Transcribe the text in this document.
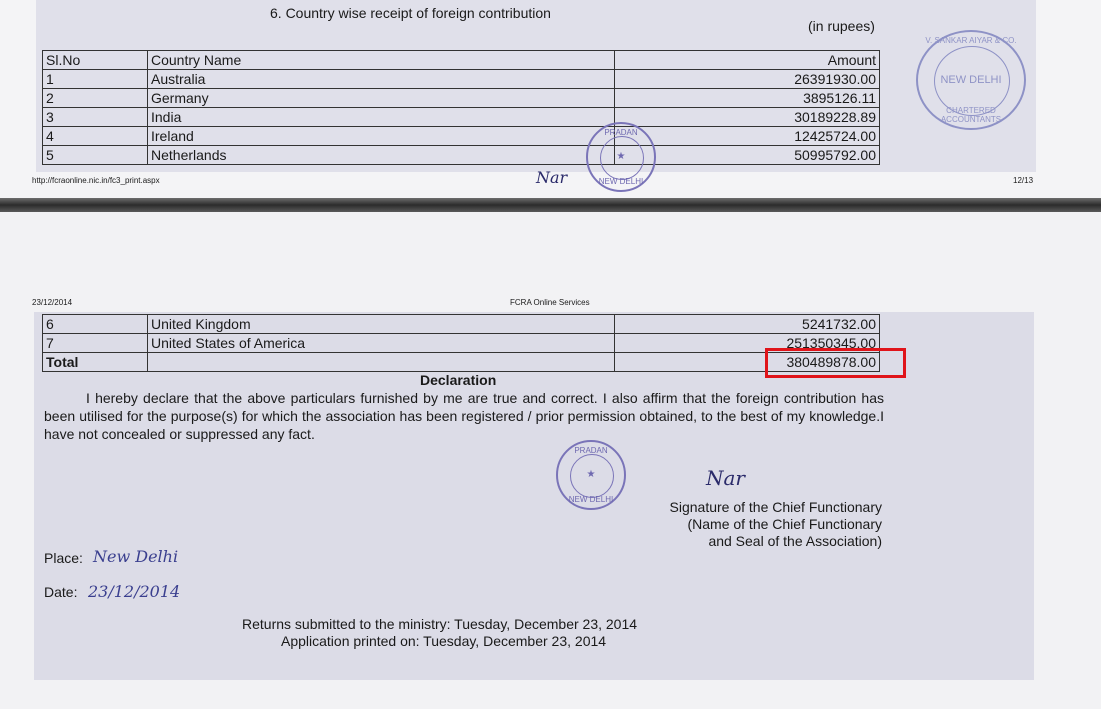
6. Country wise receipt of foreign contribution
(in rupees)
Sl.No	Country Name	Amount
1	Australia	26391930.00
2	Germany	3895126.11
3	India	30189228.89
4	Ireland	12425724.00
5	Netherlands	50995792.00
http://fcraonline.nic.in/fc3_print.aspx	12/13
Nar
PRADAN
★
NEW DELHI
V. SANKAR AIYAR & CO.
NEW DELHI
CHARTERED ACCOUNTANTS
23/12/2014	FCRA Online Services
6	United Kingdom	5241732.00
7	United States of America	251350345.00
Total		380489878.00
Declaration
I hereby declare that the above particulars furnished by me are true and correct. I also affirm that the foreign contribution has been utilised for the purpose(s) for which the association has been registered / prior permission obtained, to the best of my knowledge.I have not concealed or suppressed any fact.
PRADAN
★
NEW DELHI
Nar
Signature of the Chief Functionary
(Name of the Chief Functionary
and Seal of the Association)
Place: New Delhi
Date: 23/12/2014
Returns submitted to the ministry: Tuesday, December 23, 2014
Application printed on: Tuesday, December 23, 2014
